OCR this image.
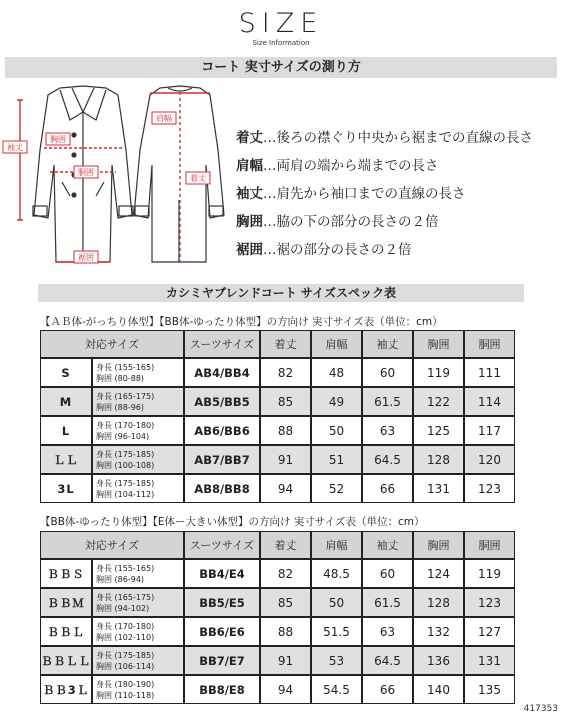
SIZE
Size Information
コート 実寸サイズの測り方
袖丈
胸囲
胴囲
裾囲
肩幅
着丈
着丈…後ろの襟ぐり中央から裾までの直線の長さ
肩幅…両肩の端から端までの長さ
袖丈…肩先から袖口までの直線の長さ
胸囲…脇の下の部分の長さの２倍
裾囲…裾の部分の長さの２倍
カシミヤブレンドコート サイズスペック表
【ＡＢ体-がっちり体型】【BB体-ゆったり体型】の方向け 実寸サイズ表（単位：cm）
対応サイズ		スーツサイズ	着丈	肩幅	袖丈	胸囲	胴囲
S	身長 (155-165)
胸囲 (80-88)	AB4/BB4	82	48	60	119	111
M	身長 (165-175)
胸囲 (88-96)	AB5/BB5	85	49	61.5	122	114
L	身長 (170-180)
胸囲 (96-104)	AB6/BB6	88	50	63	125	117
ＬＬ	身長 (175-185)
胸囲 (100-108)	AB7/BB7	91	51	64.5	128	120
3L	身長 (175-185)
胸囲 (104-112)	AB8/BB8	94	52	66	131	123
【BB体-ゆったり体型】【E体ー大きい体型】の方向け 実寸サイズ表（単位：cm）
対応サイズ		スーツサイズ	着丈	肩幅	袖丈	胸囲	胴囲
ＢＢＳ	身長 (155-165)
胸囲 (86-94)	BB4/E4	82	48.5	60	124	119
ＢＢＭ	身長 (165-175)
胸囲 (94-102)	BB5/E5	85	50	61.5	128	123
ＢＢＬ	身長 (170-180)
胸囲 (102-110)	BB6/E6	88	51.5	63	132	127
ＢＢＬＬ	身長 (175-185)
胸囲 (106-114)	BB7/E7	91	53	64.5	136	131
ＢＢ3Ｌ	身長 (180-190)
胸囲 (110-118)	BB8/E8	94	54.5	66	140	135
417353
